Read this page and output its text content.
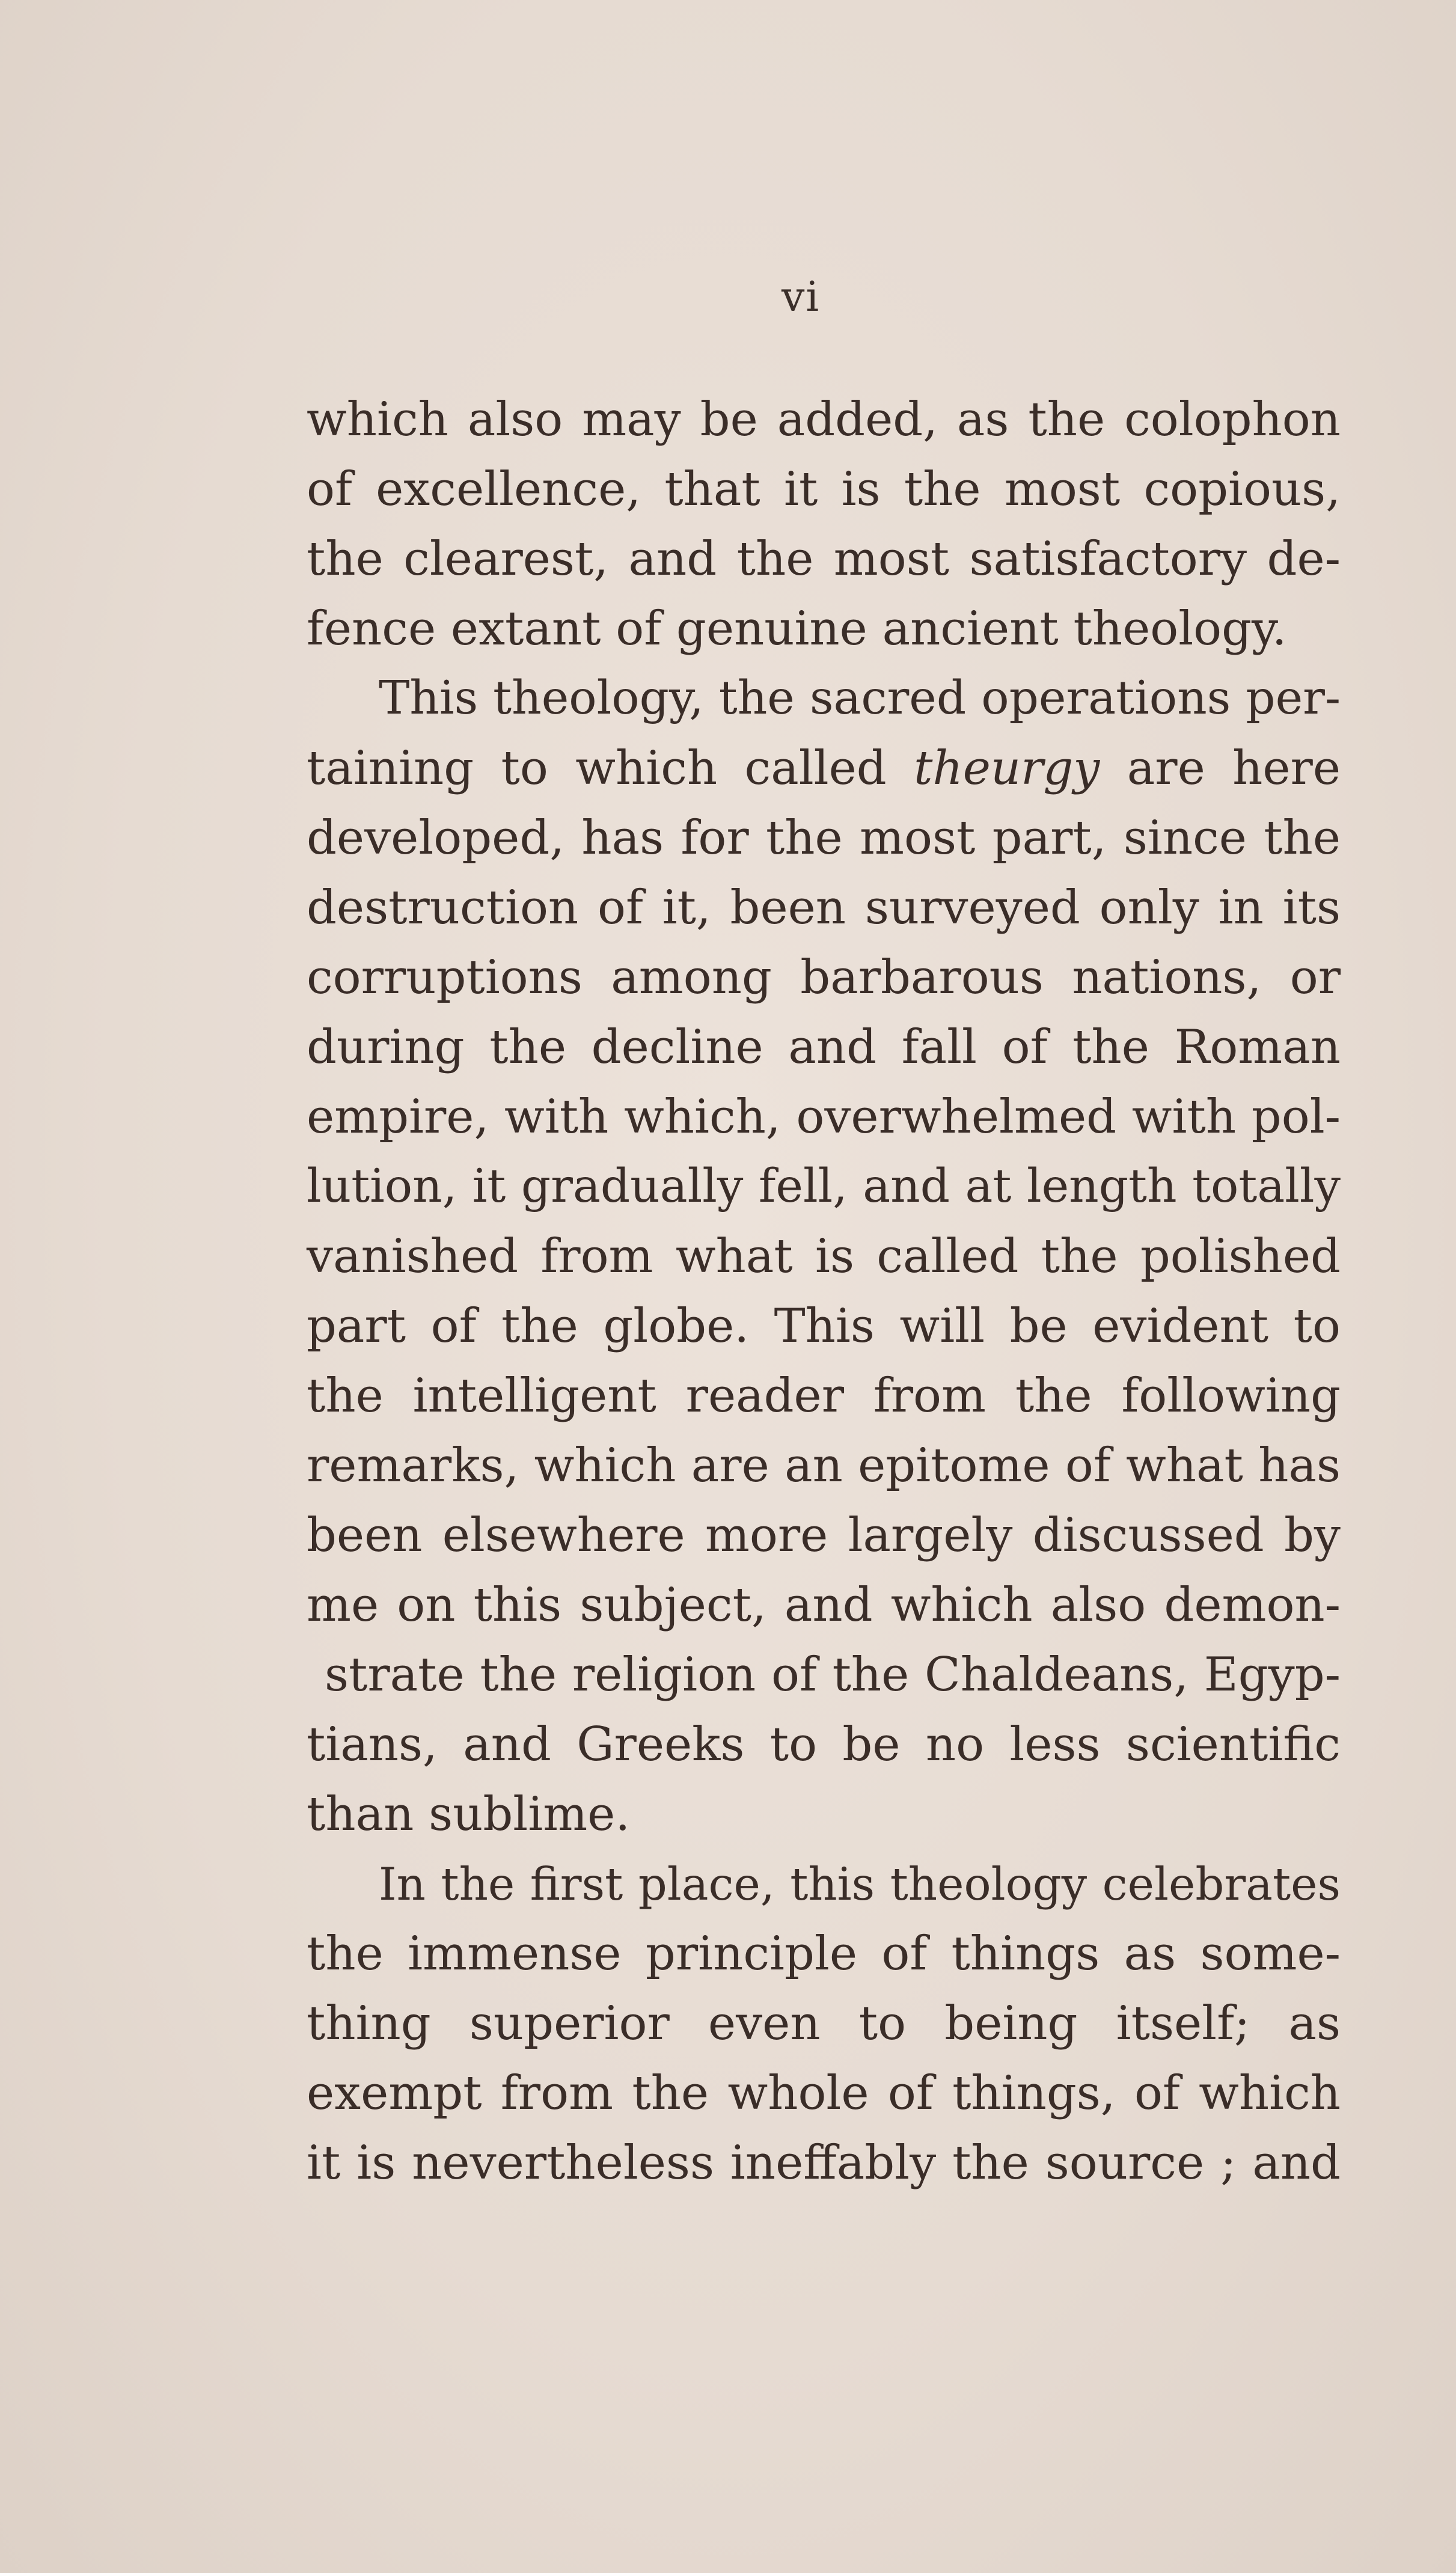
vi
which also may be added, as the colophon
of excellence, that it is the most copious,
the clearest, and the most satisfactory de-
fence extant of genuine ancient theology.
This theology, the sacred operations per-
taining to which called theurgy are here
developed, has for the most part, since the
destruction of it, been surveyed only in its
corruptions among barbarous nations, or
during the decline and fall of the Roman
empire, with which, overwhelmed with pol-
lution, it gradually fell, and at length totally
vanished from what is called the polished
part of the globe. This will be evident to
the intelligent reader from the following
remarks, which are an epitome of what has
been elsewhere more largely discussed by
me on this subject, and which also demon-
strate the religion of the Chaldeans, Egyp-
tians, and Greeks to be no less scientific
than sublime.
In the first place, this theology celebrates
the immense principle of things as some-
thing superior even to being itself; as
exempt from the whole of things, of which
it is nevertheless ineffably the source ; and
